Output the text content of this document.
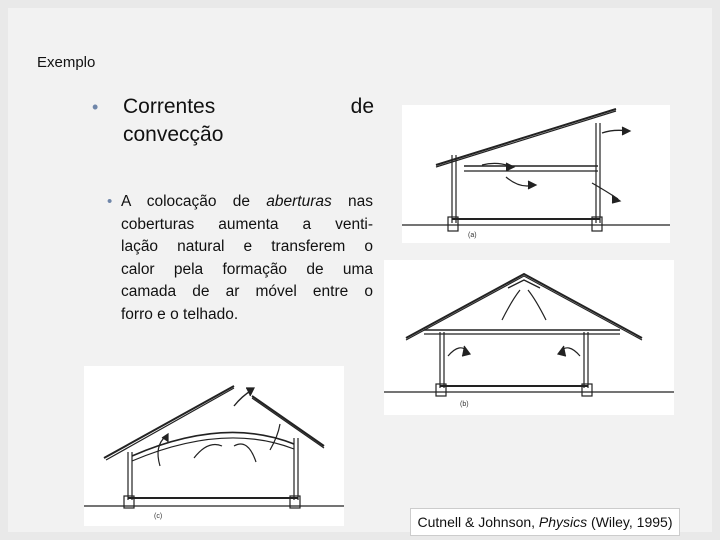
Exemplo
• Correntes	de
convecção
• A colocação de aberturas nas
coberturas aumenta a venti-
lação natural e transferem o
calor pela formação de uma
camada de ar móvel entre o
forro e o telhado.
(a)
(b)
(c)	Cutnell & Johnson, Physics (Wiley, 1995)
